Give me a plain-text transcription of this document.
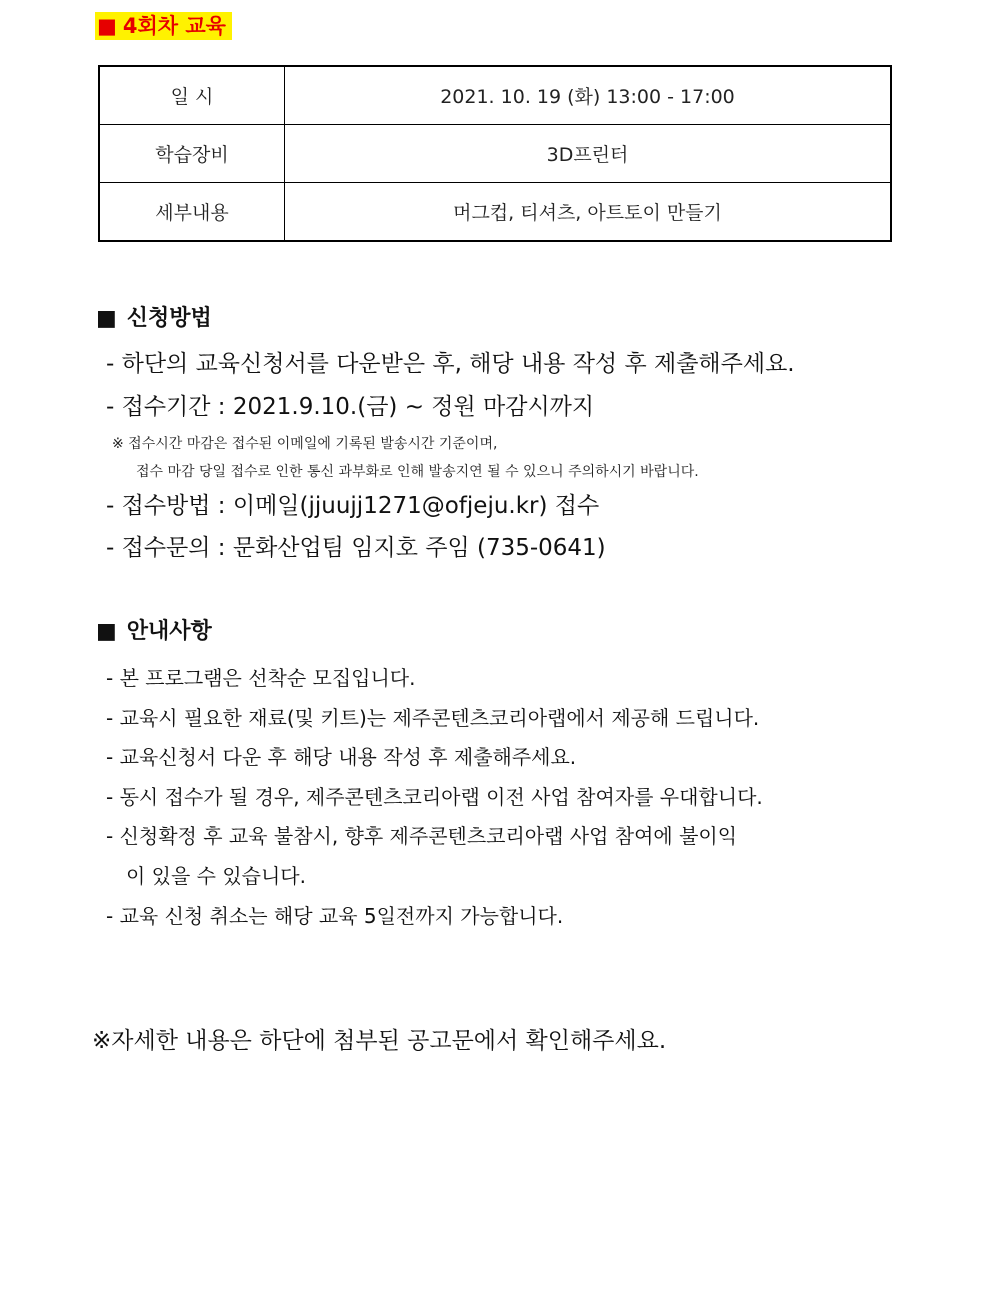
■ 4회차 교육
일 시	2021. 10. 19 (화) 13:00 - 17:00
학습장비	3D프린터
세부내용	머그컵, 티셔츠, 아트토이 만들기
■ 신청방법
- 하단의 교육신청서를 다운받은 후, 해당 내용 작성 후 제출해주세요.
- 접수기간 : 2021.9.10.(금) ~ 정원 마감시까지
※ 접수시간 마감은 접수된 이메일에 기록된 발송시간 기준이며,
접수 마감 당일 접수로 인한 통신 과부화로 인해 발송지연 될 수 있으니 주의하시기 바랍니다.
- 접수방법 : 이메일(jjuujj1271@ofjeju.kr) 접수
- 접수문의 : 문화산업팀 임지호 주임 (735-0641)
■ 안내사항
- 본 프로그램은 선착순 모집입니다.
- 교육시 필요한 재료(및 키트)는 제주콘텐츠코리아랩에서 제공해 드립니다.
- 교육신청서 다운 후 해당 내용 작성 후 제출해주세요.
- 동시 접수가 될 경우, 제주콘텐츠코리아랩 이전 사업 참여자를 우대합니다.
- 신청확정 후 교육 불참시, 향후 제주콘텐츠코리아랩 사업 참여에 불이익
이 있을 수 있습니다.
- 교육 신청 취소는 해당 교육 5일전까지 가능합니다.
※자세한 내용은 하단에 첨부된 공고문에서 확인해주세요.
